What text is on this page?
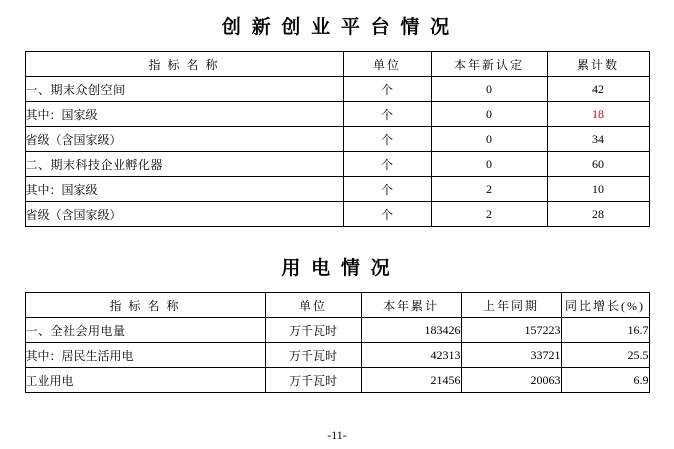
创 新 创 业 平 台 情 况
指 标 名 称	单位	本年新认定	累计数
一、期末众创空间	个	0	42
其中：国家级	个	0	18
省级（含国家级）	个	0	34
二、期末科技企业孵化器	个	0	60
其中：国家级	个	2	10
省级（含国家级）	个	2	28
用 电 情 况
指 标 名 称	单位	本年累计	上年同期	同比增长(%)
一、全社会用电量	万千瓦时	183426	157223	16.7
其中：居民生活用电	万千瓦时	42313	33721	25.5
工业用电	万千瓦时	21456	20063	6.9
-11-
